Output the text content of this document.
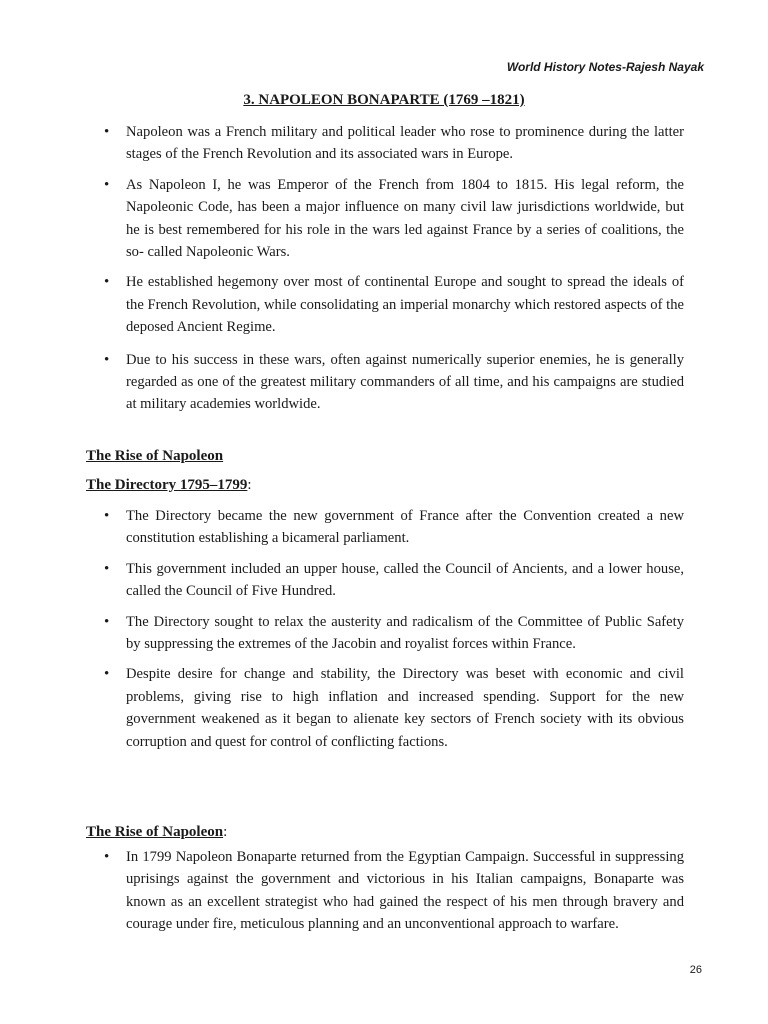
World History Notes-Rajesh Nayak
3. NAPOLEON BONAPARTE (1769 –1821)
• Napoleon was a French military and political leader who rose to prominence during the latter stages of the French Revolution and its associated wars in Europe.
• As Napoleon I, he was Emperor of the French from 1804 to 1815. His legal reform, the Napoleonic Code, has been a major influence on many civil law jurisdictions worldwide, but he is best remembered for his role in the wars led against France by a series of coalitions, the so- called Napoleonic Wars.
• He established hegemony over most of continental Europe and sought to spread the ideals of the French Revolution, while consolidating an imperial monarchy which restored aspects of the deposed Ancient Regime.
• Due to his success in these wars, often against numerically superior enemies, he is generally regarded as one of the greatest military commanders of all time, and his campaigns are studied at military academies worldwide.
The Rise of Napoleon
The Directory 1795–1799:
• The Directory became the new government of France after the Convention created a new constitution establishing a bicameral parliament.
• This government included an upper house, called the Council of Ancients, and a lower house, called the Council of Five Hundred.
• The Directory sought to relax the austerity and radicalism of the Committee of Public Safety by suppressing the extremes of the Jacobin and royalist forces within France.
• Despite desire for change and stability, the Directory was beset with economic and civil problems, giving rise to high inflation and increased spending. Support for the new government weakened as it began to alienate key sectors of French society with its obvious corruption and quest for control of conflicting factions.
The Rise of Napoleon:
• In 1799 Napoleon Bonaparte returned from the Egyptian Campaign. Successful in suppressing uprisings against the government and victorious in his Italian campaigns, Bonaparte was known as an excellent strategist who had gained the respect of his men through bravery and courage under fire, meticulous planning and an unconventional approach to warfare.
26
